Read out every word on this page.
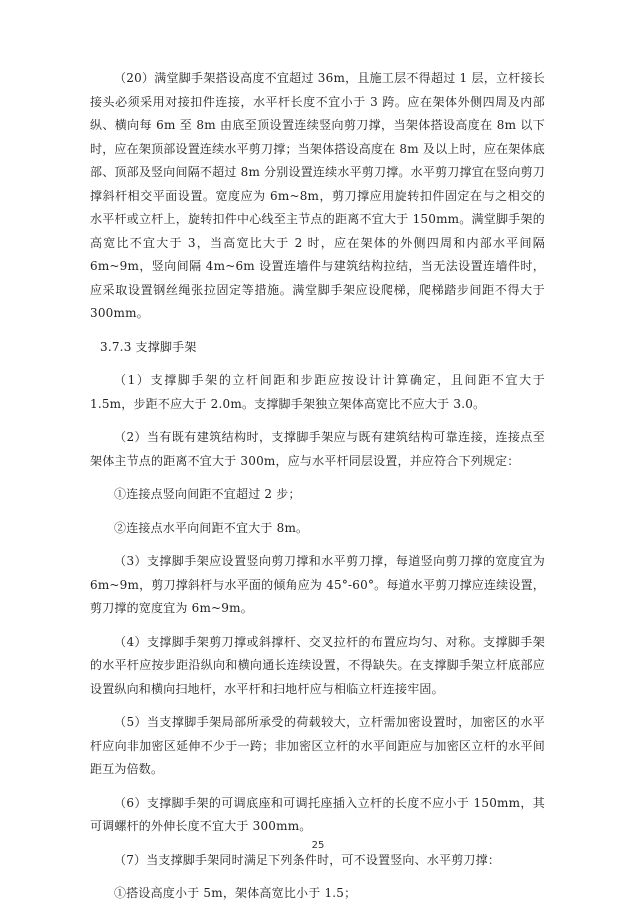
（20）满堂脚手架搭设高度不宜超过 36m，且施工层不得超过 1 层，立杆接长接头必须采用对接扣件连接，水平杆长度不宜小于 3 跨。应在架体外侧四周及内部纵、横向每 6m 至 8m 由底至顶设置连续竖向剪刀撑，当架体搭设高度在 8m 以下时，应在架顶部设置连续水平剪刀撑；当架体搭设高度在 8m 及以上时，应在架体底部、顶部及竖向间隔不超过 8m 分别设置连续水平剪刀撑。水平剪刀撑宜在竖向剪刀撑斜杆相交平面设置。宽度应为 6m~8m，剪刀撑应用旋转扣件固定在与之相交的水平杆或立杆上，旋转扣件中心线至主节点的距离不宜大于 150mm。满堂脚手架的高宽比不宜大于 3，当高宽比大于 2 时，应在架体的外侧四周和内部水平间隔 6m~9m，竖向间隔 4m~6m 设置连墙件与建筑结构拉结，当无法设置连墙件时，应采取设置钢丝绳张拉固定等措施。满堂脚手架应设爬梯，爬梯踏步间距不得大于 300mm。

3.7.3 支撑脚手架

（1）支撑脚手架的立杆间距和步距应按设计计算确定，且间距不宜大于 1.5m，步距不应大于 2.0m。支撑脚手架独立架体高宽比不应大于 3.0。

（2）当有既有建筑结构时，支撑脚手架应与既有建筑结构可靠连接，连接点至架体主节点的距离不宜大于 300m，应与水平杆同层设置，并应符合下列规定：

①连接点竖向间距不宜超过 2 步；

②连接点水平向间距不宜大于 8m。

（3）支撑脚手架应设置竖向剪刀撑和水平剪刀撑，每道竖向剪刀撑的宽度宜为 6m~9m，剪刀撑斜杆与水平面的倾角应为 45°-60°。每道水平剪刀撑应连续设置，剪刀撑的宽度宜为 6m~9m。

（4）支撑脚手架剪刀撑或斜撑杆、交叉拉杆的布置应均匀、对称。支撑脚手架的水平杆应按步距沿纵向和横向通长连续设置，不得缺失。在支撑脚手架立杆底部应设置纵向和横向扫地杆，水平杆和扫地杆应与相临立杆连接牢固。

（5）当支撑脚手架局部所承受的荷载较大，立杆需加密设置时，加密区的水平杆应向非加密区延伸不少于一跨；非加密区立杆的水平间距应与加密区立杆的水平间距互为倍数。

（6）支撑脚手架的可调底座和可调托座插入立杆的长度不应小于 150mm，其可调螺杆的外伸长度不宜大于 300mm。

（7）当支撑脚手架同时满足下列条件时，可不设置竖向、水平剪刀撑：

①搭设高度小于 5m，架体高宽比小于 1.5；

25
